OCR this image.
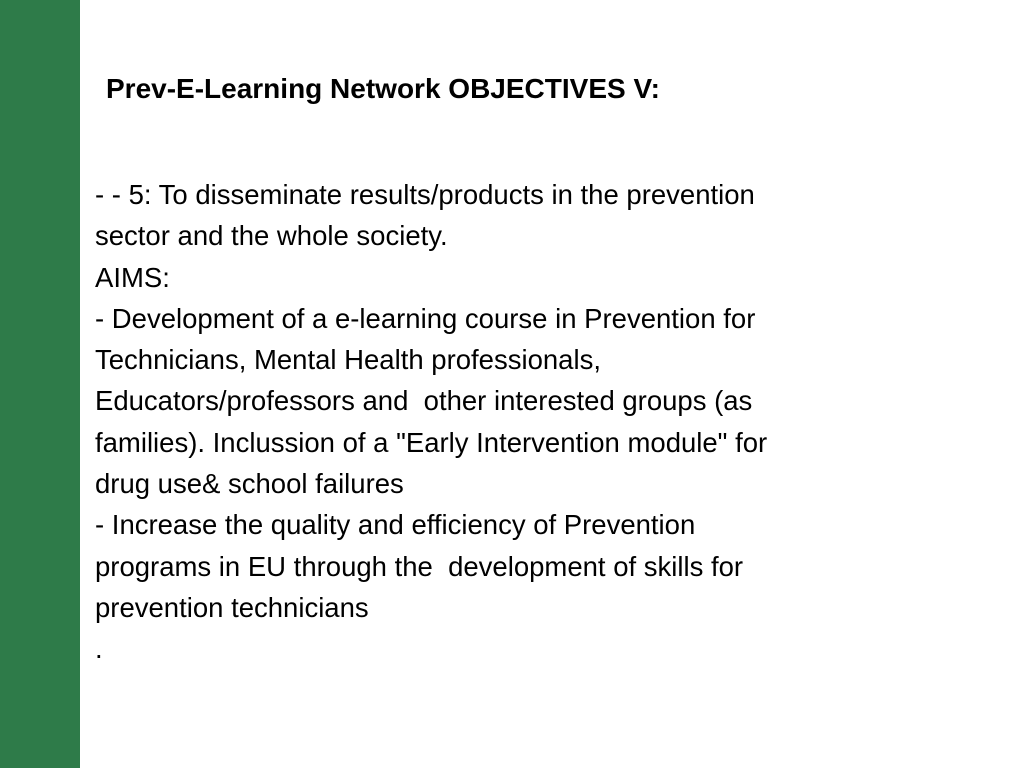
Prev-E-Learning Network OBJECTIVES V:
- - 5: To disseminate results/products in the prevention
sector and the whole society.
AIMS:
- Development of a e-learning course in Prevention for
Technicians, Mental Health professionals,
Educators/professors and  other interested groups (as
families). Inclussion of a "Early Intervention module" for
drug use& school failures
- Increase the quality and efficiency of Prevention
programs in EU through the  development of skills for
prevention technicians
.
